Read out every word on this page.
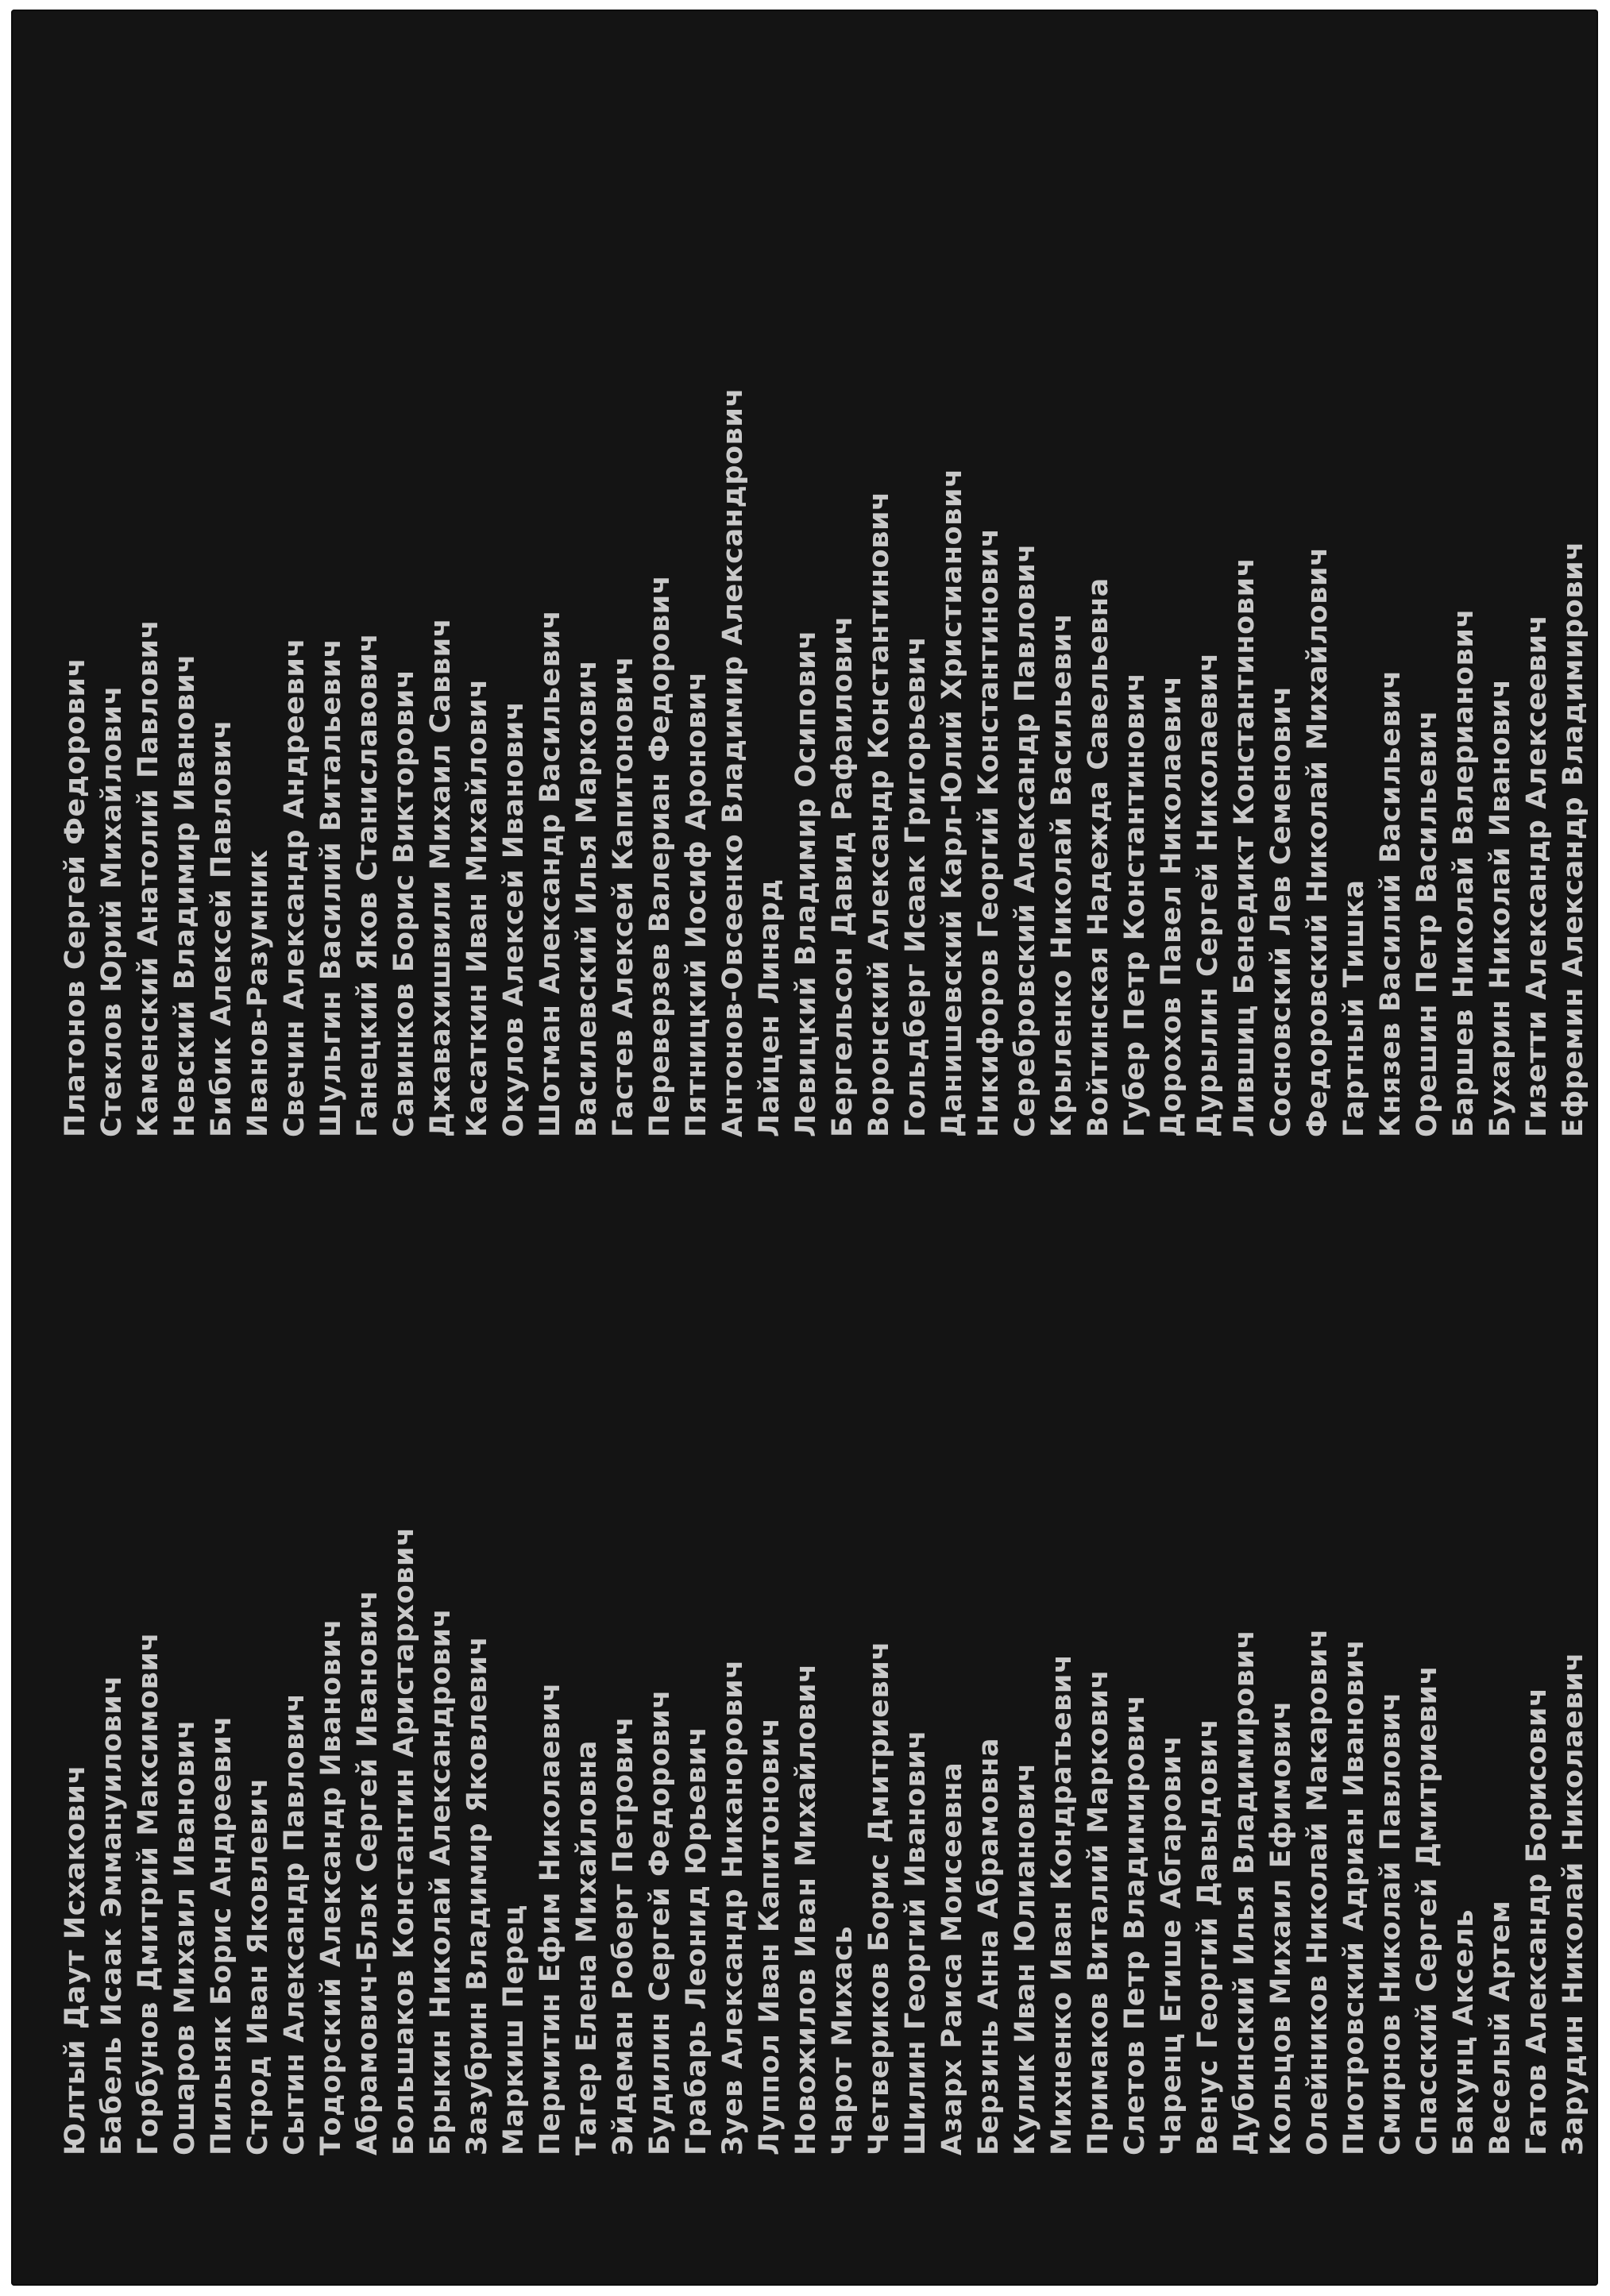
Платонов Сергей Федорович Стеклов Юрий Михайлович Каменский Анатолий Павлович Невский Владимир Иванович Бибик Алексей Павлович Иванов-Разумник Свечин Александр Андреевич Шульгин Василий Витальевич Ганецкий Яков Станиславович Савинков Борис Викторович Джавахишвили Михаил Саввич Касаткин Иван Михайлович Окулов Алексей Иванович Шотман Александр Васильевич Василевский Илья Маркович Гастев Алексей Капитонович Переверзев Валериан Федорович Пятницкий Иосиф Аронович Антонов-Овсеенко Владимир Александрович Лайцен Линард Левицкий Владимир Осипович Бергельсон Давид Рафаилович Воронский Александр Константинович Гольдберг Исаак Григорьевич Данишевский Карл-Юлий Христианович Никифоров Георгий Константинович Серебровский Александр Павлович Крыленко Николай Васильевич Войтинская Надежда Савельевна Губер Петр Константинович Дорохов Павел Николаевич Дурылин Сергей Николаевич Лившиц Бенедикт Константинович Сосновский Лев Семенович Федоровский Николай Михайлович Гартный Тишка Князев Василий Васильевич Орешин Петр Васильевич Баршев Николай Валерианович Бухарин Николай Иванович Гизетти Александр Алексеевич Ефремин Александр Владимирович
Юлтый Даут Исхакович Бабель Исаак Эммануилович Горбунов Дмитрий Максимович Ошаров Михаил Иванович Пильняк Борис Андреевич Строд Иван Яковлевич Сытин Александр Павлович Тодорский Александр Иванович Абрамович-Блэк Сергей Иванович Большаков Константин Аристархович Брыкин Николай Александрович Зазубрин Владимир Яковлевич Маркиш Перец Пермитин Ефим Николаевич Тагер Елена Михайловна Эйдеман Роберт Петрович Будилин Сергей Федорович Грабарь Леонид Юрьевич Зуев Александр Никанорович Луппол Иван Капитонович Новожилов Иван Михайлович Чарот Михась Четвериков Борис Дмитриевич Шилин Георгий Иванович Азарх Раиса Моисеевна Берзинь Анна Абрамовна Кулик Иван Юлианович Михненко Иван Кондратьевич Примаков Виталий Маркович Слетов Петр Владимирович Чаренц Егише Абгарович Венус Георгий Давыдович Дубинский Илья Владимирович Кольцов Михаил Ефимович Олейников Николай Макарович Пиотровский Адриан Иванович Смирнов Николай Павлович Спасский Сергей Дмитриевич Бакунц Аксель Веселый Артем Гатов Александр Борисович Зарудин Николай Николаевич
